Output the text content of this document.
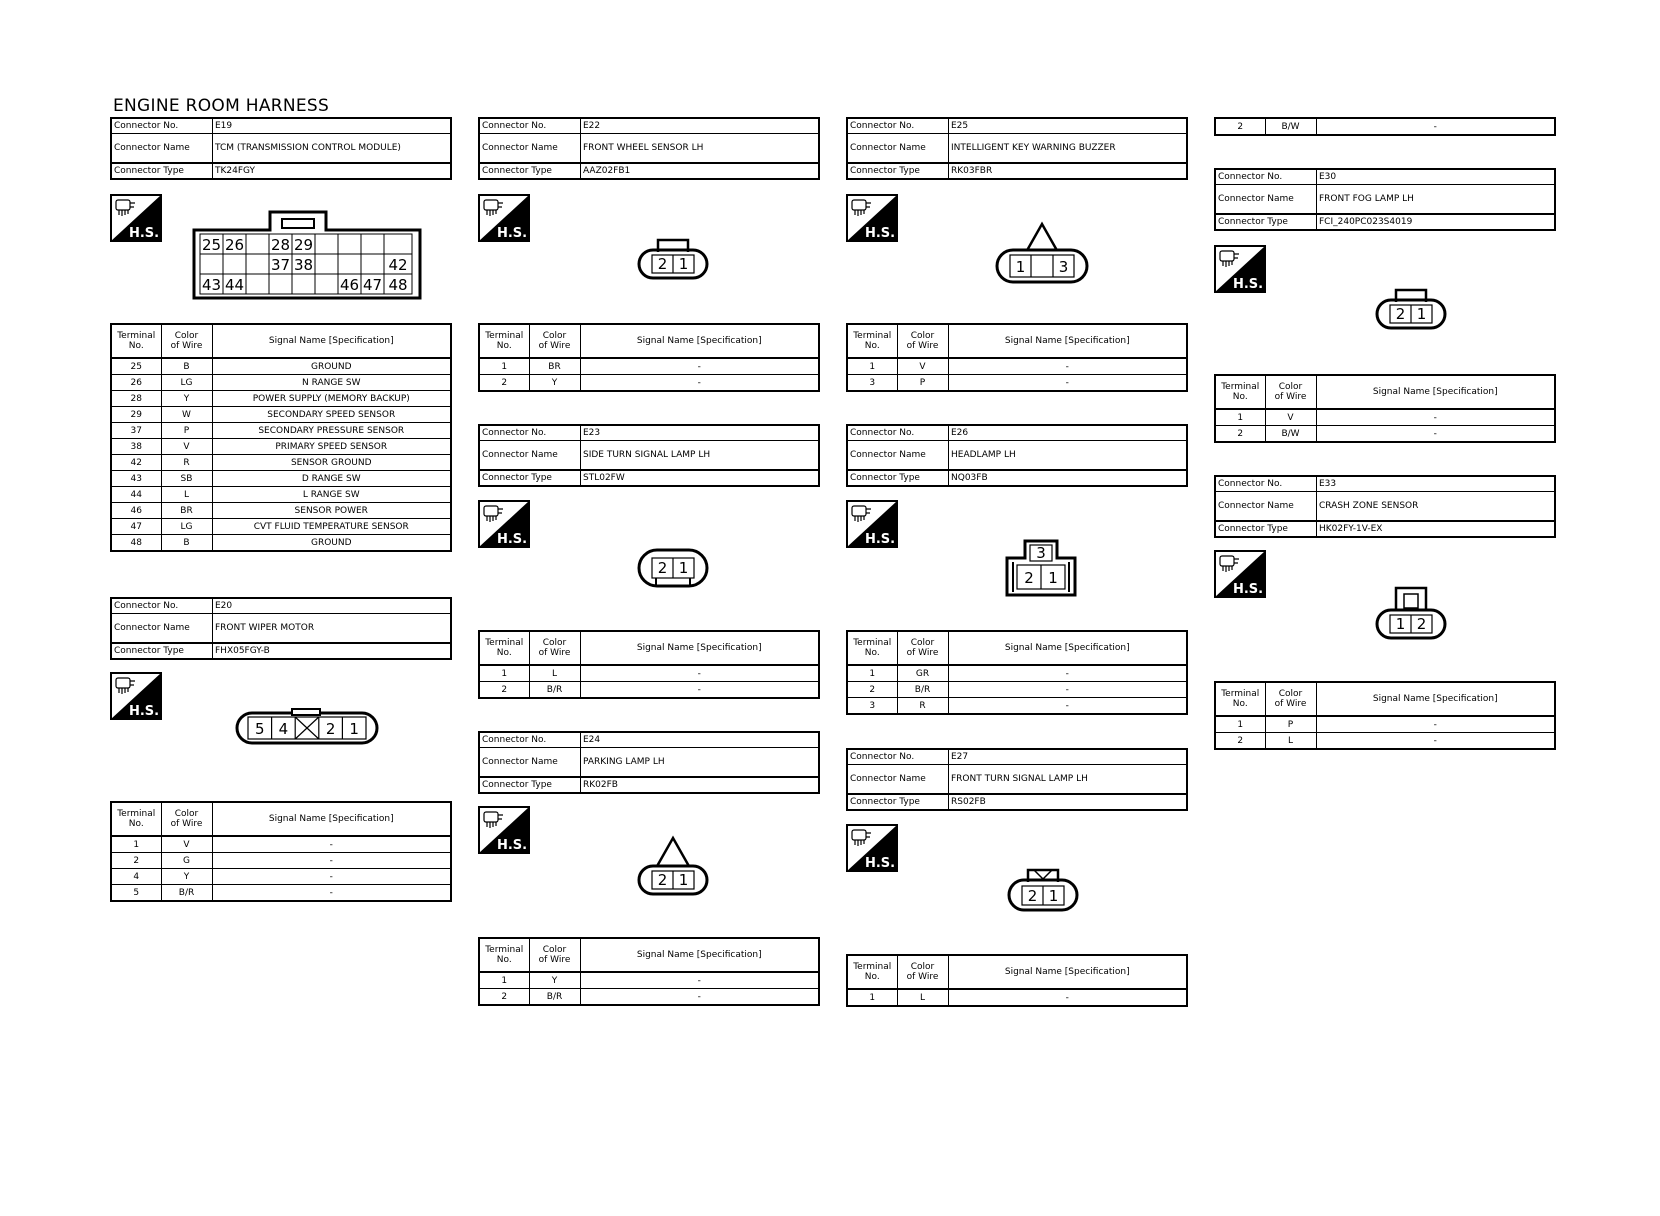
ENGINE ROOM HARNESS
Connector No.	E19
Connector Name	TCM (TRANSMISSION CONTROL MODULE)
Connector Type	TK24FGY
H.S.
25 26 28 29
37 38	42
43 44	46 47 48
Terminal
No.	Color
of Wire	Signal Name [Specification]
25	B	GROUND
26	LG	N RANGE SW
28	Y	POWER SUPPLY (MEMORY BACKUP)
29	W	SECONDARY SPEED SENSOR
37	P	SECONDARY PRESSURE SENSOR
38	V	PRIMARY SPEED SENSOR
42	R	SENSOR GROUND
43	SB	D RANGE SW
44	L	L RANGE SW
46	BR	SENSOR POWER
47	LG	CVT FLUID TEMPERATURE SENSOR
48	B	GROUND
Connector No.	E20
Connector Name	FRONT WIPER MOTOR
Connector Type	FHX05FGY-B
H.S.
5 4	2 1
Terminal
No.	Color
of Wire	Signal Name [Specification]
1	V	-
2	G	-
4	Y	-
5	B/R	-
Connector No.	E22
Connector Name	FRONT WHEEL SENSOR LH
Connector Type	AAZ02FB1
H.S.
2 1
Terminal
No.	Color
of Wire	Signal Name [Specification]
1	BR	-
2	Y	-
Connector No.	E23
Connector Name	SIDE TURN SIGNAL LAMP LH
Connector Type	STL02FW
H.S.
2 1
Terminal
No.	Color
of Wire	Signal Name [Specification]
1	L	-
2	B/R	-
Connector No.	E24
Connector Name	PARKING LAMP LH
Connector Type	RK02FB
H.S.
2 1
Terminal
No.	Color
of Wire	Signal Name [Specification]
1	Y	-
2	B/R	-
Connector No.	E25
Connector Name	INTELLIGENT KEY WARNING BUZZER
Connector Type	RK03FBR
H.S.
1 3
Terminal
No.	Color
of Wire	Signal Name [Specification]
1	V	-
3	P	-
Connector No.	E26
Connector Name	HEADLAMP LH
Connector Type	NQ03FB
H.S.
3
2 1
Terminal
No.	Color
of Wire	Signal Name [Specification]
1	GR	-
2	B/R	-
3	R	-
Connector No.	E27
Connector Name	FRONT TURN SIGNAL LAMP LH
Connector Type	RS02FB
H.S.
2 1
Terminal
No.	Color
of Wire	Signal Name [Specification]
1	L	-
2	B/W	-
Connector No.	E30
Connector Name	FRONT FOG LAMP LH
Connector Type	FCI_240PC023S4019
H.S.
2 1
Terminal
No.	Color
of Wire	Signal Name [Specification]
1	V	-
2	B/W	-
Connector No.	E33
Connector Name	CRASH ZONE SENSOR
Connector Type	HK02FY-1V-EX
H.S.
1 2
Terminal
No.	Color
of Wire	Signal Name [Specification]
1	P	-
2	L	-
